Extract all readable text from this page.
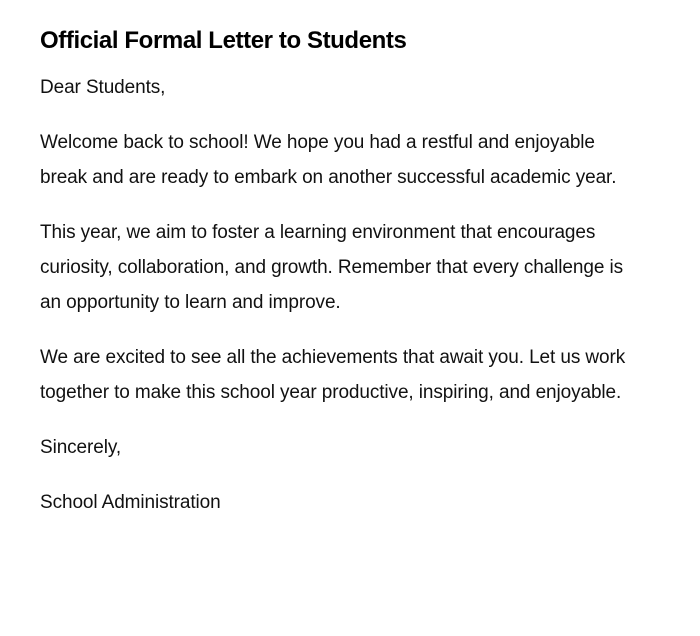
Official Formal Letter to Students

Dear Students,

Welcome back to school! We hope you had a restful and enjoyable break and are ready to embark on another successful academic year.

This year, we aim to foster a learning environment that encourages curiosity, collaboration, and growth. Remember that every challenge is an opportunity to learn and improve.

We are excited to see all the achievements that await you. Let us work together to make this school year productive, inspiring, and enjoyable.

Sincerely,

School Administration
